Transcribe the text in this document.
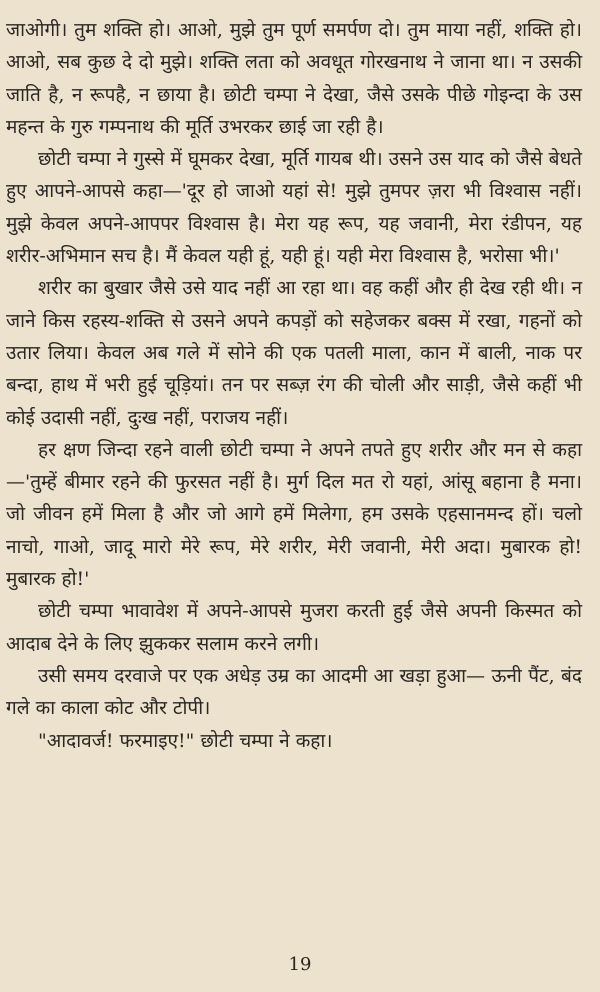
जाओगी। तुम शक्ति हो। आओ, मुझे तुम पूर्ण समर्पण दो। तुम माया नहीं, शक्ति हो। आओ, सब कुछ दे दो मुझे। शक्ति लता को अवधूत गोरखनाथ ने जाना था। न उसकी जाति है, न रूपहै, न छाया है। छोटी चम्पा ने देखा, जैसे उसके पीछे गोइन्दा के उस महन्त के गुरु गम्पनाथ की मूर्ति उभरकर छाई जा रही है।

छोटी चम्पा ने गुस्से में घूमकर देखा, मूर्ति गायब थी। उसने उस याद को जैसे बेधते हुए आपने-आपसे कहा—'दूर हो जाओ यहां से! मुझे तुमपर ज़रा भी विश्वास नहीं। मुझे केवल अपने-आपपर विश्वास है। मेरा यह रूप, यह जवानी, मेरा रंडीपन, यह शरीर-अभिमान सच है। मैं केवल यही हूं, यही हूं। यही मेरा विश्वास है, भरोसा भी।'

शरीर का बुखार जैसे उसे याद नहीं आ रहा था। वह कहीं और ही देख रही थी। न जाने किस रहस्य-शक्ति से उसने अपने कपड़ों को सहेजकर बक्स में रखा, गहनों को उतार लिया। केवल अब गले में सोने की एक पतली माला, कान में बाली, नाक पर बन्दा, हाथ में भरी हुई चूड़ियां। तन पर सब्ज़ रंग की चोली और साड़ी, जैसे कहीं भी कोई उदासी नहीं, दुःख नहीं, पराजय नहीं।

हर क्षण जिन्दा रहने वाली छोटी चम्पा ने अपने तपते हुए शरीर और मन से कहा—'तुम्हें बीमार रहने की फुरसत नहीं है। मुर्ग दिल मत रो यहां, आंसू बहाना है मना। जो जीवन हमें मिला है और जो आगे हमें मिलेगा, हम उसके एहसानमन्द हों। चलो नाचो, गाओ, जादू मारो मेरे रूप, मेरे शरीर, मेरी जवानी, मेरी अदा। मुबारक हो! मुबारक हो!'

छोटी चम्पा भावावेश में अपने-आपसे मुजरा करती हुई जैसे अपनी किस्मत को आदाब देने के लिए झुककर सलाम करने लगी।

उसी समय दरवाजे पर एक अधेड़ उम्र का आदमी आ खड़ा हुआ— ऊनी पैंट, बंद गले का काला कोट और टोपी।

"आदावर्ज! फरमाइए!" छोटी चम्पा ने कहा।

19
